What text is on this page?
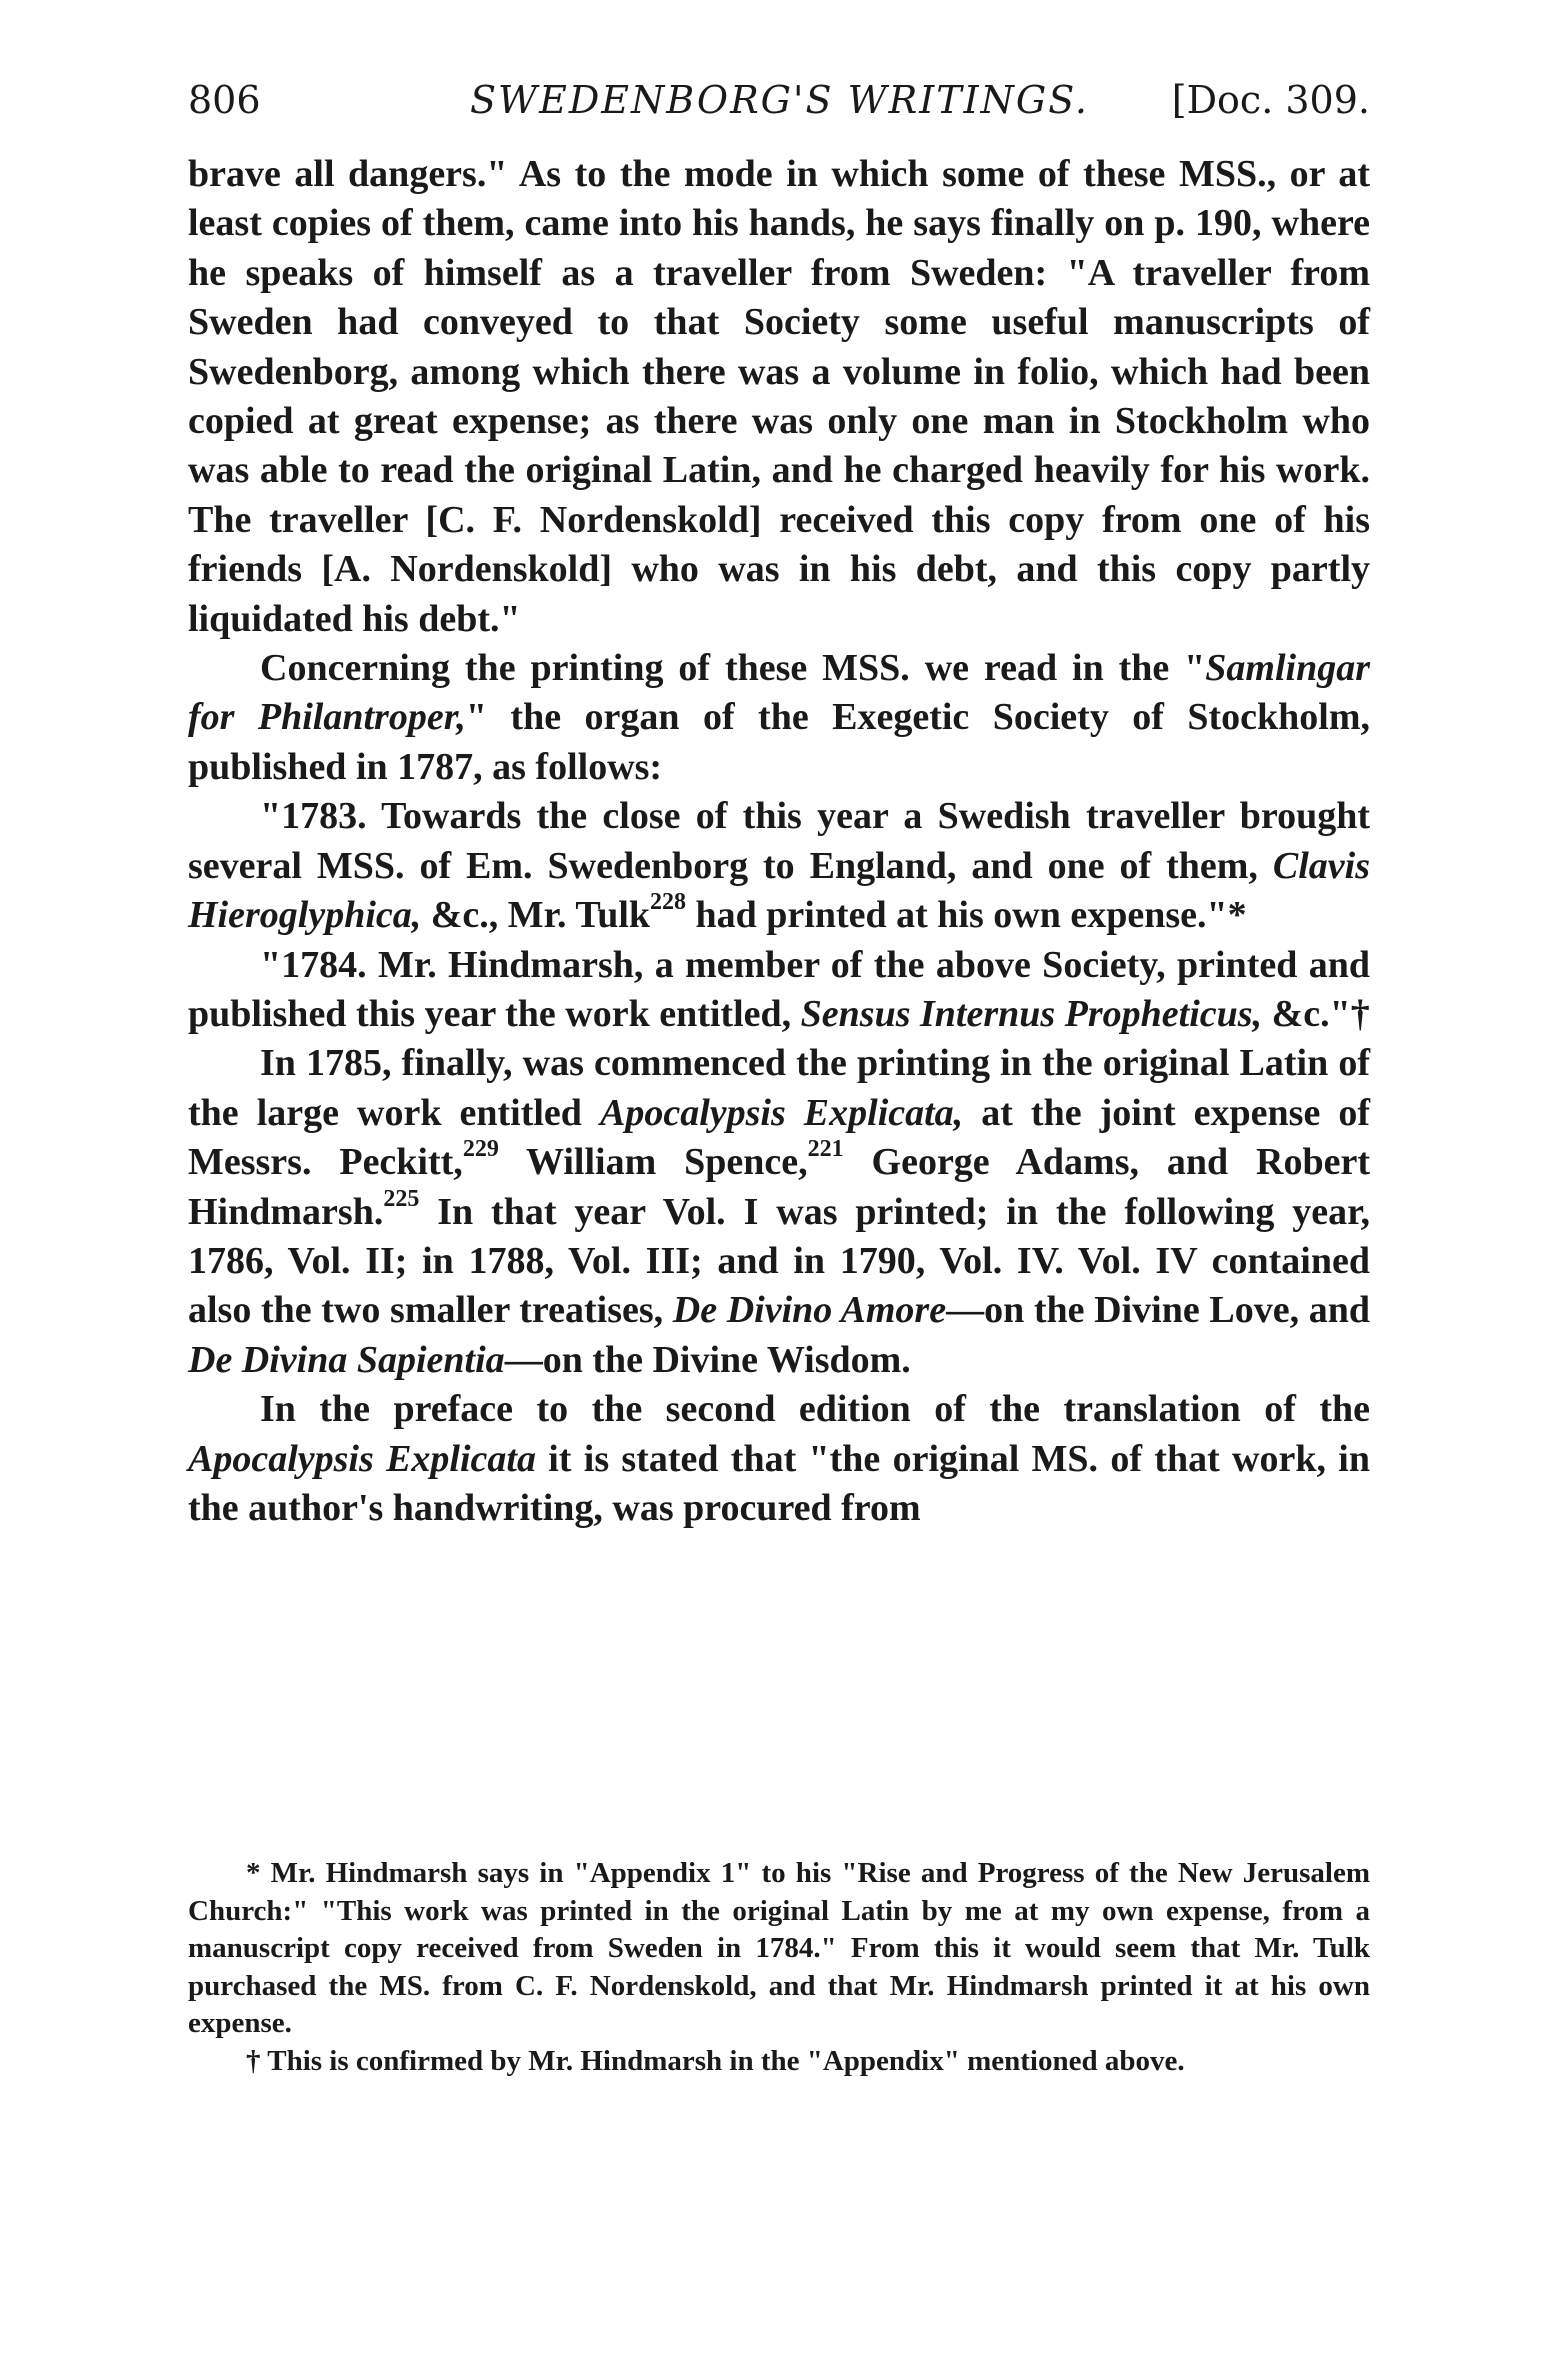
806	SWEDENBORG'S WRITINGS. [Doc. 309.

brave all dangers." As to the mode in which some of these MSS., or at least copies of them, came into his hands, he says finally on p. 190, where he speaks of himself as a traveller from Sweden: "A traveller from Sweden had conveyed to that Society some useful manuscripts of Swedenborg, among which there was a volume in folio, which had been copied at great expense; as there was only one man in Stockholm who was able to read the original Latin, and he charged heavily for his work. The traveller [C. F. Nordenskold] received this copy from one of his friends [A. Nordenskold] who was in his debt, and this copy partly liquidated his debt."

Concerning the printing of these MSS. we read in the "Samlingar for Philantroper," the organ of the Exegetic Society of Stockholm, published in 1787, as follows:

"1783. Towards the close of this year a Swedish traveller brought several MSS. of Em. Swedenborg to England, and one of them, Clavis Hieroglyphica, &c., Mr. Tulk$^{228}$ had printed at his own expense."*

"1784. Mr. Hindmarsh, a member of the above Society, printed and published this year the work entitled, Sensus Internus Propheticus, &c."†

In 1785, finally, was commenced the printing in the original Latin of the large work entitled Apocalypsis Explicata, at the joint expense of Messrs. Peckitt,$^{229}$ William Spence,$^{221}$ George Adams, and Robert Hindmarsh.$^{225}$ In that year Vol. I was printed; in the following year, 1786, Vol. II; in 1788, Vol. III; and in 1790, Vol. IV. Vol. IV contained also the two smaller treatises, De Divino Amore—on the Divine Love, and De Divina Sapientia—on the Divine Wisdom.

In the preface to the second edition of the translation of the Apocalypsis Explicata it is stated that "the original MS. of that work, in the author's handwriting, was procured from

* Mr. Hindmarsh says in "Appendix 1" to his "Rise and Progress of the New Jerusalem Church:" "This work was printed in the original Latin by me at my own expense, from a manuscript copy received from Sweden in 1784." From this it would seem that Mr. Tulk purchased the MS. from C. F. Nordenskold, and that Mr. Hindmarsh printed it at his own expense.

† This is confirmed by Mr. Hindmarsh in the "Appendix" mentioned above.
